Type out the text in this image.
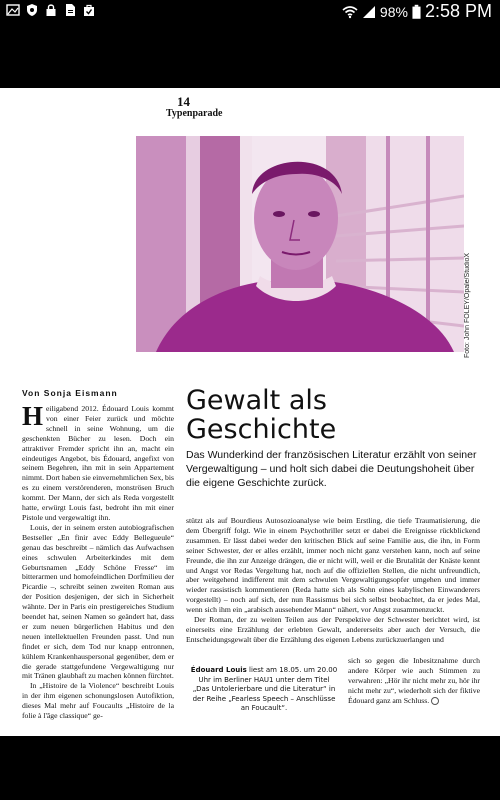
98% 2:58 PM
14
Typenparade
Foto: John FOLEY/Opale/StudioX
Von Sonja Eismann

Heiligabend 2012. Édouard Louis kommt von einer Feier zurück und möchte schnell in seine Wohnung, um die geschenkten Bücher zu lesen. Doch ein attraktiver Fremder spricht ihn an, macht ein eindeutiges Angebot, bis Édouard, angefixt von seinem Begehren, ihn mit in sein Appartement nimmt. Dort haben sie einvernehmlichen Sex, bis es zu einem verstörenderen, monströsen Bruch kommt. Der Mann, der sich als Reda vorgestellt hatte, erwürgt Louis fast, bedroht ihn mit einer Pistole und vergewaltigt ihn.

Louis, der in seinem ersten autobiografischen Bestseller „En finir avec Eddy Bellegueule“ genau das beschreibt – nämlich das Aufwachsen eines schwulen Arbeiterkindes mit dem Geburtsnamen „Eddy Schöne Fresse“ im bitterarmen und homofeindlichen Dorfmilieu der Picardie –, schreibt seinen zweiten Roman aus der Position desjenigen, der sich in Sicherheit wähnte. Der in Paris ein prestigereiches Studium beendet hat, seinen Namen so geändert hat, dass er zum neuen bürgerlichen Habitus und den neuen intellektuellen Freunden passt. Und nun findet er sich, dem Tod nur knapp entronnen, kühlem Krankenhauspersonal gegenüber, dem er die gerade stattgefundene Vergewaltigung nur mit Tränen glaubhaft zu machen können fürchtet.

In „Histoire de la Violence“ beschreibt Louis in der ihm eigenen schonungslosen Autofiktion, dieses Mal mehr auf Foucaults „Histoire de la folie à l'âge classique“ ge-

Gewalt als
Geschichte
Das Wunderkind der französischen Literatur erzählt von seiner Vergewaltigung – und holt sich dabei die Deutungshoheit über die eigene Geschichte zurück.

stützt als auf Bourdieus Autosozioanalyse wie beim Erstling, die tiefe Traumatisierung, die dem Übergriff folgt. Wie in einem Psychothriller setzt er dabei die Ereignisse rückblickend zusammen. Er lässt dabei weder den kritischen Blick auf seine Familie aus, die ihn, in Form seiner Schwester, der er alles erzählt, immer noch nicht ganz verstehen kann, noch auf seine Freunde, die ihn zur Anzeige drängen, die er nicht will, weil er die Brutalität der Knäste kennt und Angst vor Redas Vergeltung hat, noch auf die offiziellen Stellen, die nicht unfreundlich, aber weitgehend indifferent mit dem schwulen Vergewaltigungsopfer umgehen und immer wieder rassistisch kommentieren (Reda hatte sich als Sohn eines kabylischen Einwanderers vorgestellt) – noch auf sich, der nun Rassismus bei sich selbst beobachtet, da er jedes Mal, wenn sich ihm ein „arabisch aussehender Mann“ nähert, vor Angst zusammenzuckt.

Der Roman, der zu weiten Teilen aus der Perspektive der Schwester berichtet wird, ist einerseits eine Erzählung der erlebten Gewalt, andererseits aber auch der Versuch, die Entscheidungsgewalt über die Erzählung des eigenen Lebens zurückzuerlangen und

Édouard Louis liest am 18.05. um 20.00 Uhr im Berliner HAU1 unter dem Titel „Das Untolerierbare und die Literatur“ in der Reihe „Fearless Speech – Anschlüsse an Foucault“.
sich so gegen die Inbesitznahme durch andere Körper wie auch Stimmen zu verwahren: „Hör ihr nicht mehr zu, hör ihr nicht mehr zu“, wiederholt sich der fiktive Édouard ganz am Schluss.
